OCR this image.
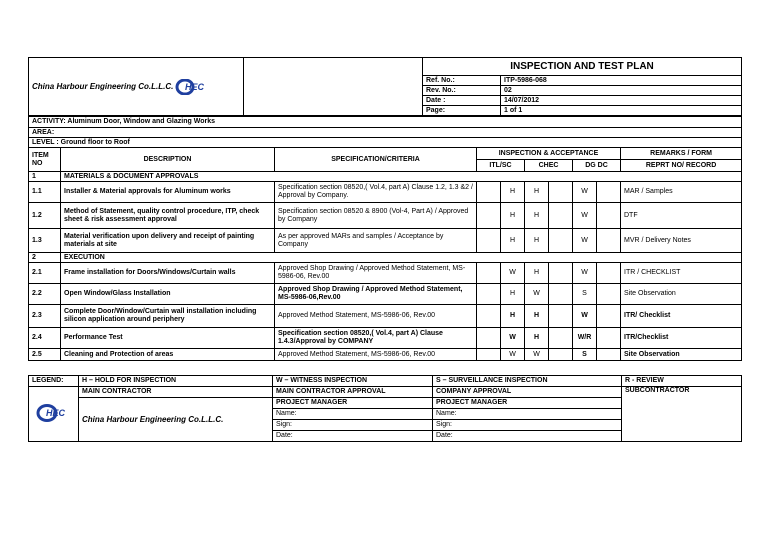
China Harbour Engineering Co.L.L.C. HEC		INSPECTION AND TEST PLAN	
		Ref. No.:	ITP-5986-068
		Rev. No.:	02
		Date :	14/07/2012
		Page:	1 of 1
ACTIVITY: Aluminum Door, Window and Glazing Works									
AREA:									
LEVEL : Ground floor to Roof									
ITEM NO	DESCRIPTION	SPECIFICATION/CRITERIA	INSPECTION & ACCEPTANCE						REMARKS / FORM
			ITL/SC		CHEC		DG DC		REPRT NO/ RECORD
1	MATERIALS & DOCUMENT APPROVALS								
1.1	Installer & Material approvals for Aluminum works	Specification section 08520,( Vol.4, part A) Clause 1.2, 1.3 &2 / Approval by Company.		H	H		W		MAR / Samples
1.2	Method of Statement, quality control procedure, ITP, check sheet & risk assessment approval	Specification section 08520 & 8900 (Vol-4, Part A) / Approved by Company		H	H		W		DTF
1.3	Material verification upon delivery and receipt of painting materials at site	As per approved MARs and samples / Acceptance by Company		H	H		W		MVR / Delivery Notes
2	EXECUTION								
2.1	Frame installation for Doors/Windows/Curtain walls	Approved Shop Drawing / Approved Method Statement, MS-5986-06, Rev.00		W	H		W		ITR / CHECKLIST
2.2	Open Window/Glass Installation	Approved Shop Drawing / Approved Method Statement, MS-5986-06,Rev.00		H	W		S		Site Observation
2.3	Complete Door/Window/Curtain wall installation including silicon application around periphery	Approved Method Statement, MS-5986-06, Rev.00		H	H		W		ITR/ Checklist
2.4	Performance Test	Specification section 08520,( Vol.4, part A) Clause 1.4.3/Approval by COMPANY		W	H		W/R		ITR/Checklist
2.5	Cleaning and Protection of areas	Approved Method Statement, MS-5986-06, Rev.00		W	W		S		Site Observation
LEGEND:	H – HOLD FOR INSPECTION	W – WITNESS INSPECTION	S – SURVEILLANCE INSPECTION	R - REVIEW

HEC	MAIN CONTRACTOR	MAIN CONTRACTOR APPROVAL	COMPANY APPROVAL	SUBCONTRACTOR
	China Harbour Engineering Co.L.L.C.	PROJECT MANAGER	PROJECT MANAGER	
		Name:	Name:	
		Sign:	Sign:	
		Date:	Date:	
